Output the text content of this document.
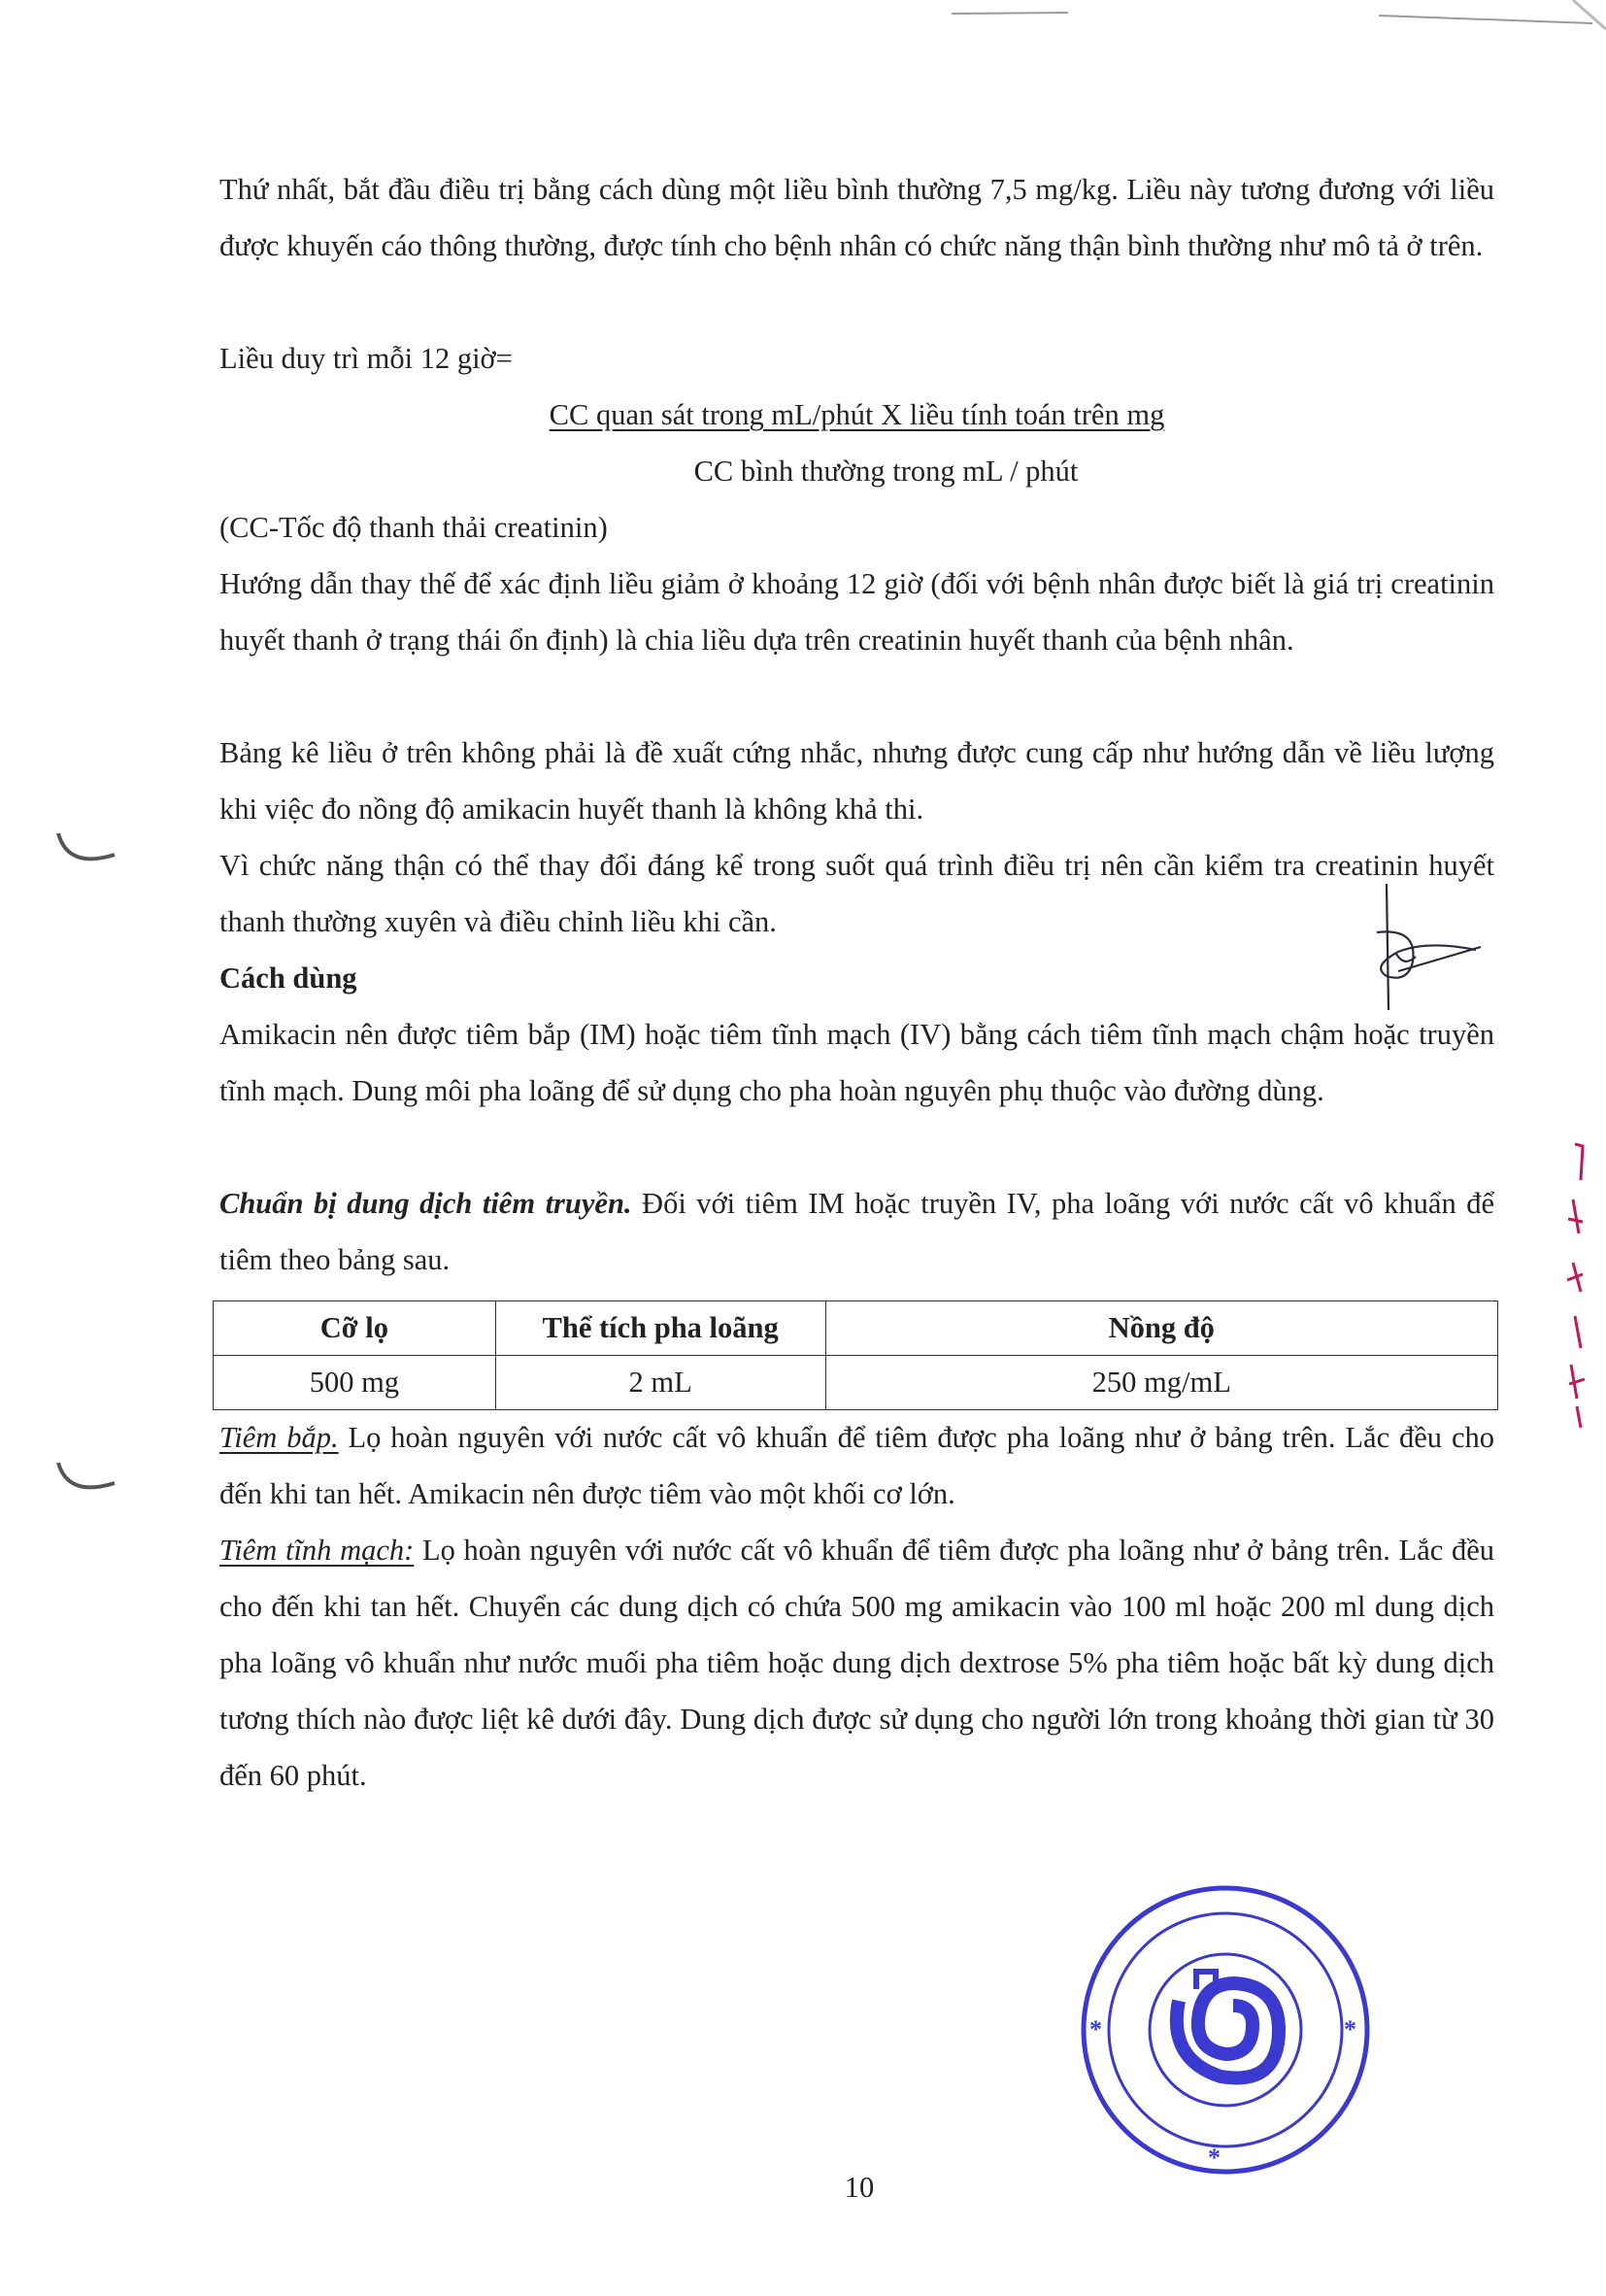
Thứ nhất, bắt đầu điều trị bằng cách dùng một liều bình thường 7,5 mg/kg. Liều này tương đương với liều được khuyến cáo thông thường, được tính cho bệnh nhân có chức năng thận bình thường như mô tả ở trên.

Liều duy trì mỗi 12 giờ=

CC quan sát trong mL/phút X liều tính toán trên mg

CC bình thường trong mL / phút

(CC-Tốc độ thanh thải creatinin)

Hướng dẫn thay thế để xác định liều giảm ở khoảng 12 giờ (đối với bệnh nhân được biết là giá trị creatinin huyết thanh ở trạng thái ổn định) là chia liều dựa trên creatinin huyết thanh của bệnh nhân.

Bảng kê liều ở trên không phải là đề xuất cứng nhắc, nhưng được cung cấp như hướng dẫn về liều lượng khi việc đo nồng độ amikacin huyết thanh là không khả thi.

Vì chức năng thận có thể thay đổi đáng kể trong suốt quá trình điều trị nên cần kiểm tra creatinin huyết thanh thường xuyên và điều chỉnh liều khi cần.

Cách dùng

Amikacin nên được tiêm bắp (IM) hoặc tiêm tĩnh mạch (IV) bằng cách tiêm tĩnh mạch chậm hoặc truyền tĩnh mạch. Dung môi pha loãng để sử dụng cho pha hoàn nguyên phụ thuộc vào đường dùng.

Chuẩn bị dung dịch tiêm truyền. Đối với tiêm IM hoặc truyền IV, pha loãng với nước cất vô khuẩn để tiêm theo bảng sau.

Cỡ lọ	Thể tích pha loãng	Nồng độ
500 mg	2 mL	250 mg/mL

Tiêm bắp. Lọ hoàn nguyên với nước cất vô khuẩn để tiêm được pha loãng như ở bảng trên. Lắc đều cho đến khi tan hết. Amikacin nên được tiêm vào một khối cơ lớn.

Tiêm tĩnh mạch: Lọ hoàn nguyên với nước cất vô khuẩn để tiêm được pha loãng như ở bảng trên. Lắc đều cho đến khi tan hết. Chuyển các dung dịch có chứa 500 mg amikacin vào 100 ml hoặc 200 ml dung dịch pha loãng vô khuẩn như nước muối pha tiêm hoặc dung dịch dextrose 5% pha tiêm hoặc bất kỳ dung dịch tương thích nào được liệt kê dưới đây. Dung dịch được sử dụng cho người lớn trong khoảng thời gian từ 30 đến 60 phút.

10
*	*
*
